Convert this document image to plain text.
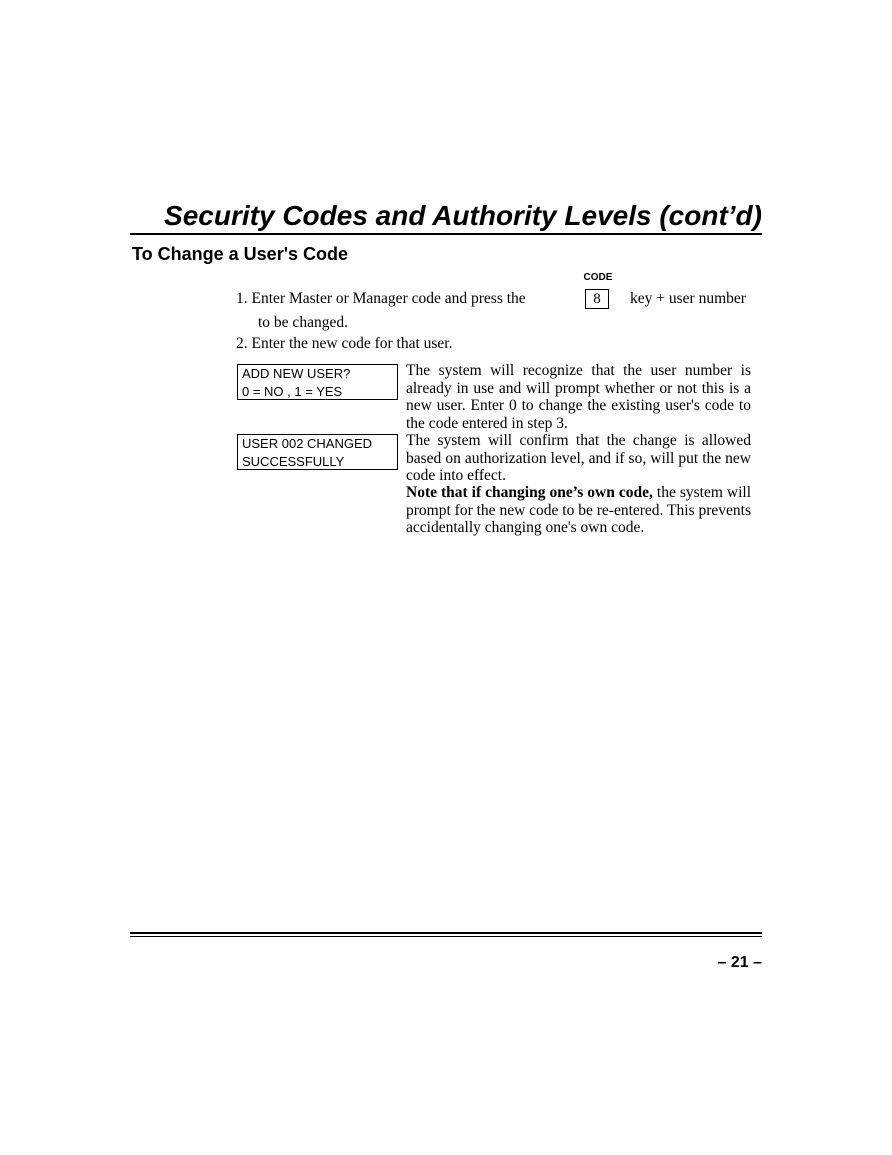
Security Codes and Authority Levels (cont’d)
To Change a User's Code
CODE
1. Enter Master or Manager code and press the	8	key + user number
to be changed.
2. Enter the new code for that user.
ADD NEW USER?
0 = NO , 1 = YES
The system will recognize that the user number is already in use and will prompt whether or not this is a new user. Enter 0 to change the existing user's code to the code entered in step 3.
USER 002 CHANGED
SUCCESSFULLY
The system will confirm that the change is allowed based on authorization level, and if so, will put the new code into effect.
Note that if changing one’s own code, the system will prompt for the new code to be re-entered. This prevents accidentally changing one's own code.
– 21 –
